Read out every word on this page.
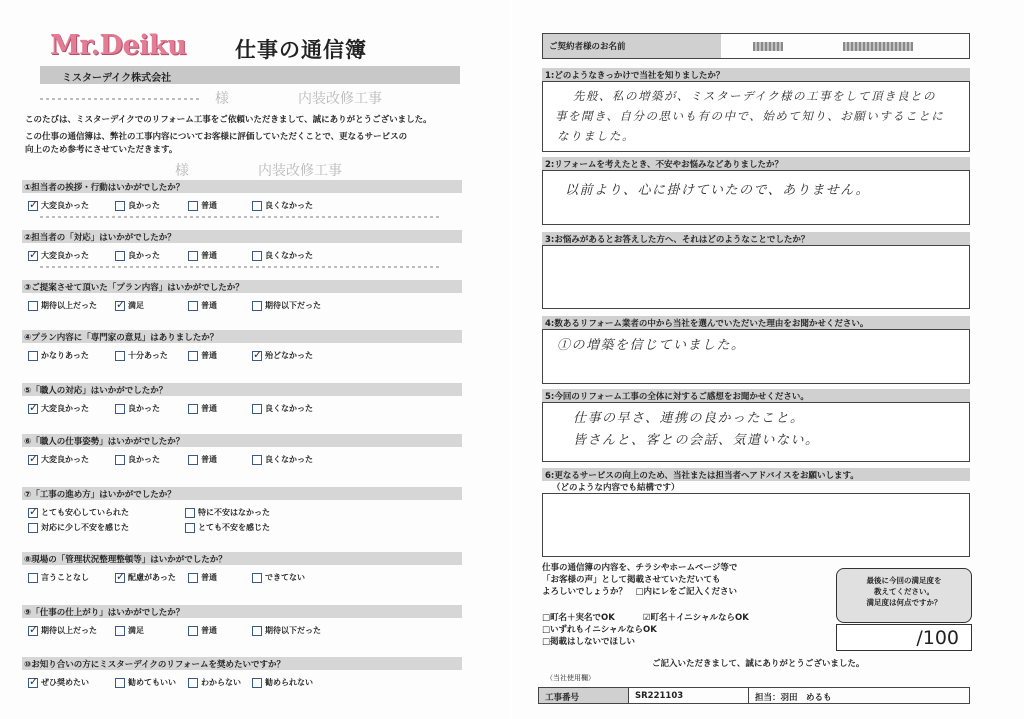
Mr.Deiku 仕事の通信簿
ミスターデイク株式会社
様	内装改修工事
このたびは、ミスターデイクでのリフォーム工事をご依頼いただきまして、誠にありがとうございました。
この仕事の通信簿は、弊社の工事内容についてお客様に評価していただくことで、更なるサービスの
向上のため参考にさせていただきます。
様	内装改修工事
①担当者の挨拶・行動はいかがでしたか？
✓
大変良かった	良かった	普通	良くなかった
②担当者の「対応」はいかがでしたか？
✓
大変良かった	良かった	普通	良くなかった
③ご提案させて頂いた「プラン内容」はいかがでしたか？
期待以上だった ✓	満足	普通	期待以下だった
④プラン内容に「専門家の意見」はありましたか？
かなりあった	十分あった	普通 ✓	殆どなかった
⑤「職人の対応」はいかがでしたか？
✓
大変良かった	良かった	普通	良くなかった
⑥「職人の仕事姿勢」はいかがでしたか？
✓
大変良かった	良かった	普通	良くなかった
⑦「工事の進め方」はいかがでしたか？
✓
とても安心していられた	特に不安はなかった
対応に少し不安を感じた	とても不安を感じた
⑧現場の「管理状況整理整頓等」はいかがでしたか？
言うことなし ✓	配慮があった	普通	できてない
⑨「仕事の仕上がり」はいかがでしたか？
✓
期待以上だった	満足	普通	期待以下だった
⑩お知り合いの方にミスターデイクのリフォームを奨めたいですか？
✓
ぜひ奨めたい	勧めてもいい	わからない	勧められない
ご契約者様のお名前
1:どのようなきっかけで当社を知りましたか？
先般、私の増築が、ミスターデイク様の工事をして頂き良との
事を聞き、自分の思いも有の中で、始めて知り、お願いすることに
なりました。
2:リフォームを考えたとき、不安やお悩みなどありましたか？
以前より、心に掛けていたので、ありません。
3:お悩みがあるとお答えした方へ、それはどのようなことでしたか？
4:数あるリフォーム業者の中から当社を選んでいただいた理由をお聞かせください。
①の増築を信じていました。
5:今回のリフォーム工事の全体に対するご感想をお聞かせください。
仕事の早さ、連携の良かったこと。
皆さんと、客との会話、気遣いない。
6:更なるサービスの向上のため、当社または担当者へアドバイスをお願いします。
（どのような内容でも結構です）
仕事の通信簿の内容を、チラシやホームページ等で
「お客様の声」として掲載させていただいても
よろしいでしょうか？　□内にレをご記入ください
□町名＋実名でOK	☑町名＋イニシャルならOK
□いずれもイニシャルならOK
□掲載はしないでほしい
最後に今回の満足度を
教えてください。
満足度は何点ですか？
/100
ご記入いただきまして、誠にありがとうございました。
（当社使用欄）
工事番号	SR221103	担当：羽田　めるも
